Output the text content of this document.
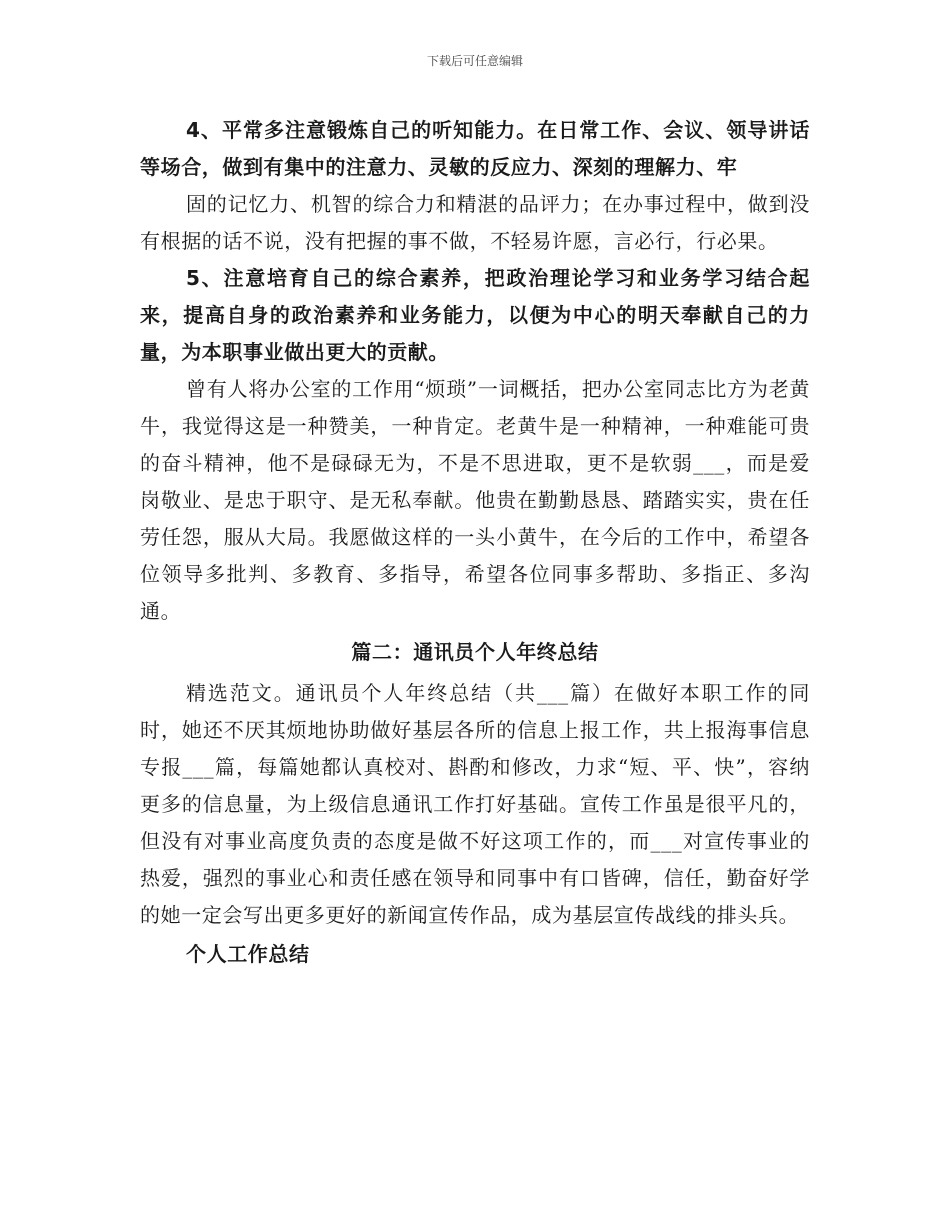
下载后可任意编辑

4、平常多注意锻炼自己的听知能力。在日常工作、会议、领导讲话等场合，做到有集中的注意力、灵敏的反应力、深刻的理解力、牢

固的记忆力、机智的综合力和精湛的品评力；在办事过程中，做到没有根据的话不说，没有把握的事不做，不轻易许愿，言必行，行必果。

5、注意培育自己的综合素养，把政治理论学习和业务学习结合起来，提高自身的政治素养和业务能力，以便为中心的明天奉献自己的力量，为本职事业做出更大的贡献。

曾有人将办公室的工作用“烦琐”一词概括，把办公室同志比方为老黄牛，我觉得这是一种赞美，一种肯定。老黄牛是一种精神，一种难能可贵的奋斗精神，他不是碌碌无为，不是不思进取，更不是软弱___，而是爱岗敬业、是忠于职守、是无私奉献。他贵在勤勤恳恳、踏踏实实，贵在任劳任怨，服从大局。我愿做这样的一头小黄牛，在今后的工作中，希望各位领导多批判、多教育、多指导，希望各位同事多帮助、多指正、多沟通。

篇二：通讯员个人年终总结

精选范文。通讯员个人年终总结（共___篇）在做好本职工作的同时，她还不厌其烦地协助做好基层各所的信息上报工作，共上报海事信息专报___篇，每篇她都认真校对、斟酌和修改，力求“短、平、快”，容纳更多的信息量，为上级信息通讯工作打好基础。宣传工作虽是很平凡的，但没有对事业高度负责的态度是做不好这项工作的，而___对宣传事业的热爱，强烈的事业心和责任感在领导和同事中有口皆碑，信任，勤奋好学的她一定会写出更多更好的新闻宣传作品，成为基层宣传战线的排头兵。

个人工作总结
